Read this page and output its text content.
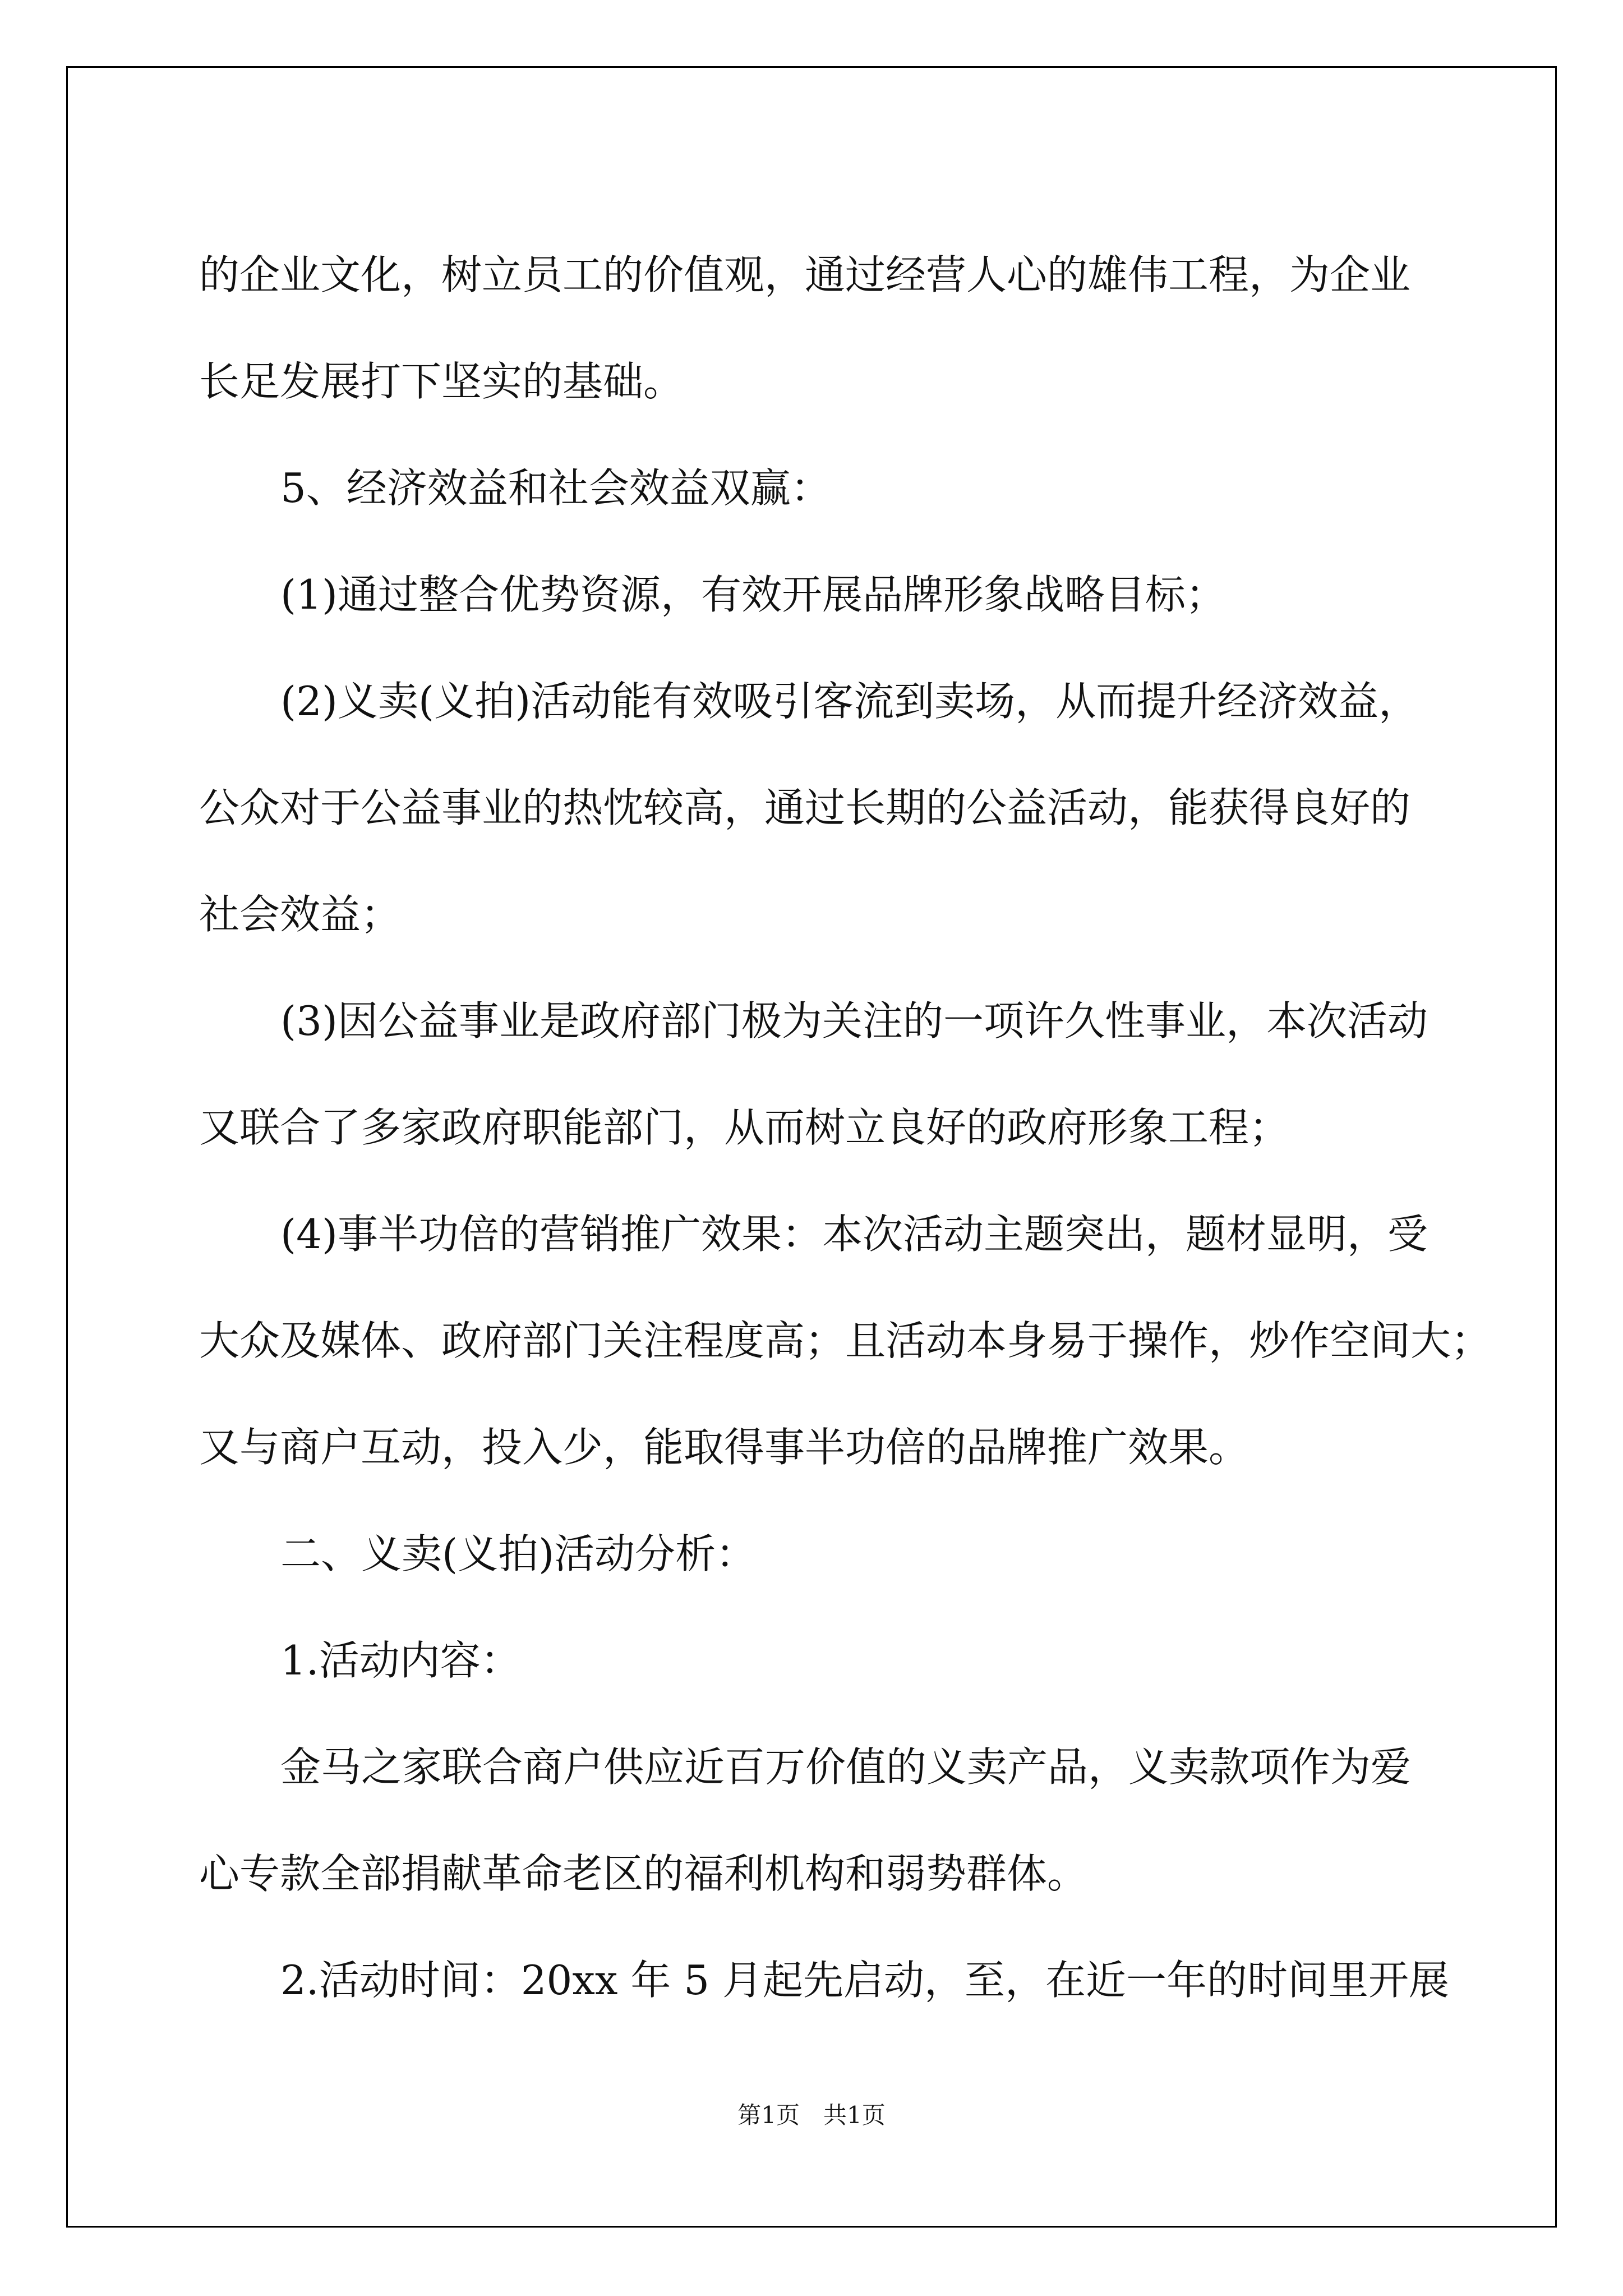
的企业文化，树立员工的价值观，通过经营人心的雄伟工程，为企业
长足发展打下坚实的基础。
5、经济效益和社会效益双赢：
(1)通过整合优势资源，有效开展品牌形象战略目标；
(2)义卖(义拍)活动能有效吸引客流到卖场，从而提升经济效益，
公众对于公益事业的热忱较高，通过长期的公益活动，能获得良好的
社会效益；
(3)因公益事业是政府部门极为关注的一项许久性事业，本次活动
又联合了多家政府职能部门，从而树立良好的政府形象工程；
(4)事半功倍的营销推广效果：本次活动主题突出，题材显明，受
大众及媒体、政府部门关注程度高；且活动本身易于操作，炒作空间大；
又与商户互动，投入少，能取得事半功倍的品牌推广效果。
二、义卖(义拍)活动分析：
1.活动内容：
金马之家联合商户供应近百万价值的义卖产品，义卖款项作为爱
心专款全部捐献革命老区的福利机构和弱势群体。
2.活动时间：20xx 年 5 月起先启动，至，在近一年的时间里开展
第1页　共1页
